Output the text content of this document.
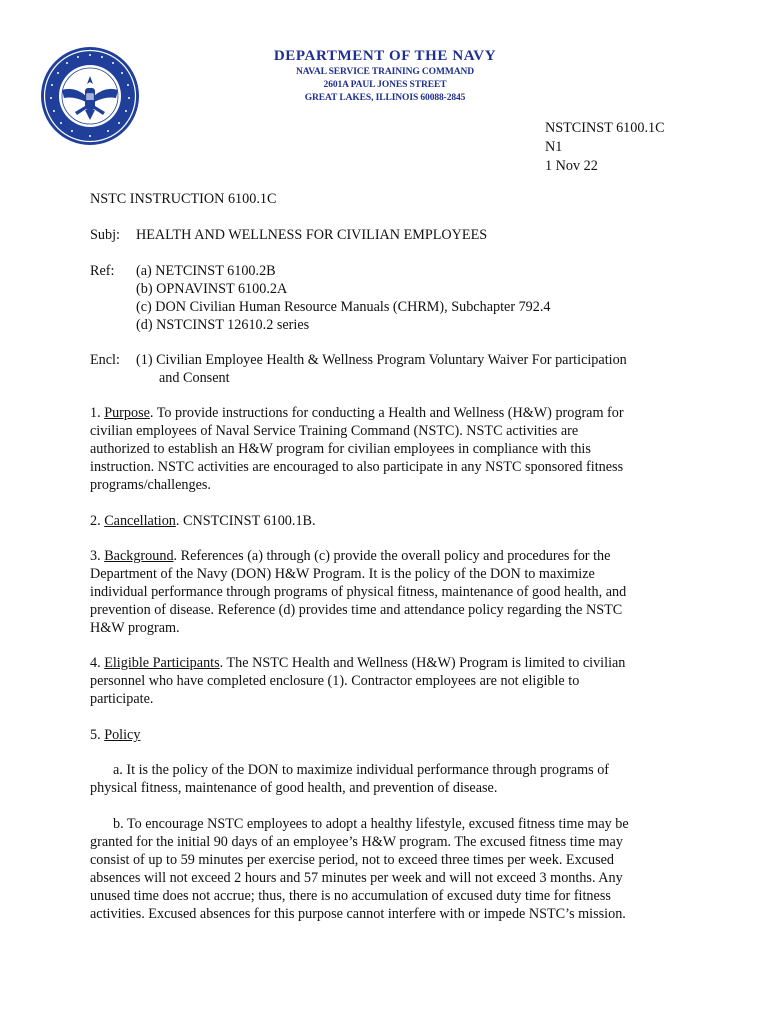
DEPARTMENT OF THE NAVY
NAVAL SERVICE TRAINING COMMAND
2601A PAUL JONES STREET
GREAT LAKES, ILLINOIS 60088-2845
NSTCINST 6100.1C
N1
1 Nov 22
NSTC INSTRUCTION 6100.1C
Subj: HEALTH AND WELLNESS FOR CIVILIAN EMPLOYEES
Ref: (a) NETCINST 6100.2B
(b) OPNAVINST 6100.2A
(c) DON Civilian Human Resource Manuals (CHRM), Subchapter 792.4
(d) NSTCINST 12610.2 series
Encl: (1) Civilian Employee Health & Wellness Program Voluntary Waiver For participation
and Consent
1. Purpose. To provide instructions for conducting a Health and Wellness (H&W) program for
civilian employees of Naval Service Training Command (NSTC). NSTC activities are
authorized to establish an H&W program for civilian employees in compliance with this
instruction. NSTC activities are encouraged to also participate in any NSTC sponsored fitness
programs/challenges.
2. Cancellation. CNSTCINST 6100.1B.
3. Background. References (a) through (c) provide the overall policy and procedures for the
Department of the Navy (DON) H&W Program. It is the policy of the DON to maximize
individual performance through programs of physical fitness, maintenance of good health, and
prevention of disease. Reference (d) provides time and attendance policy regarding the NSTC
H&W program.
4. Eligible Participants. The NSTC Health and Wellness (H&W) Program is limited to civilian
personnel who have completed enclosure (1). Contractor employees are not eligible to
participate.
5. Policy
a. It is the policy of the DON to maximize individual performance through programs of
physical fitness, maintenance of good health, and prevention of disease.
b. To encourage NSTC employees to adopt a healthy lifestyle, excused fitness time may be
granted for the initial 90 days of an employee’s H&W program. The excused fitness time may
consist of up to 59 minutes per exercise period, not to exceed three times per week. Excused
absences will not exceed 2 hours and 57 minutes per week and will not exceed 3 months. Any
unused time does not accrue; thus, there is no accumulation of excused duty time for fitness
activities. Excused absences for this purpose cannot interfere with or impede NSTC’s mission.
